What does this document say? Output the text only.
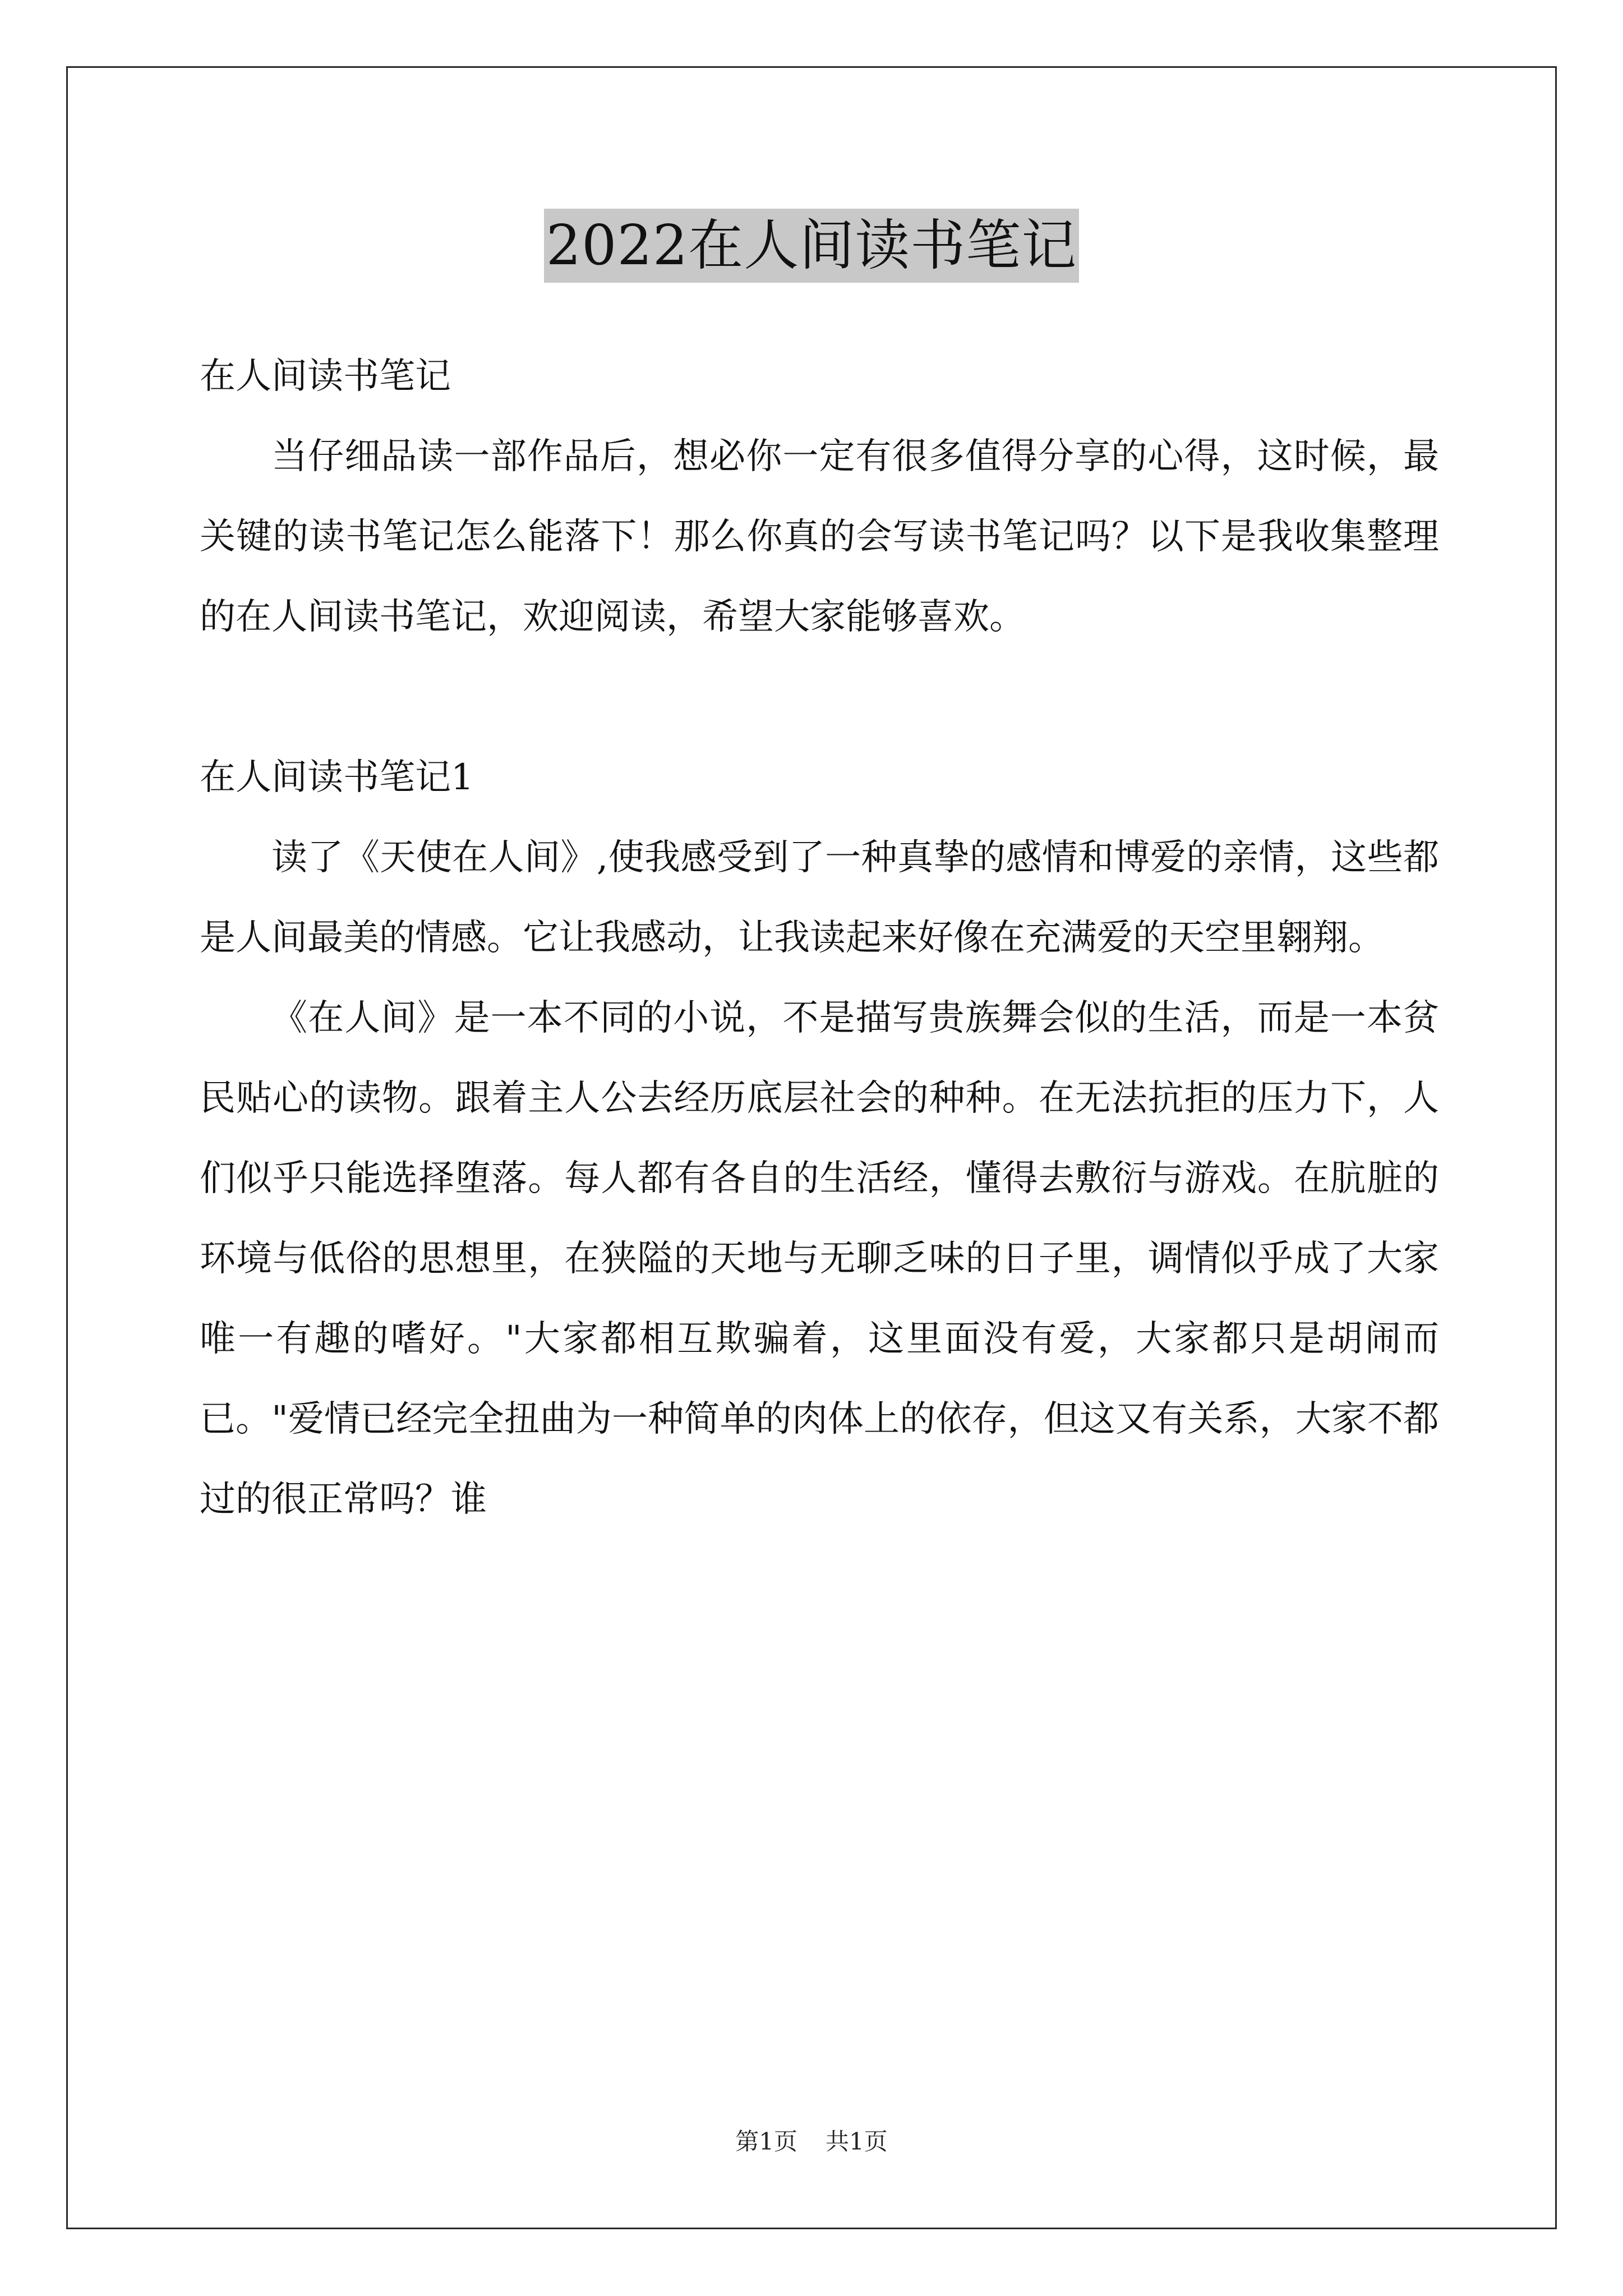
2022在人间读书笔记

在人间读书笔记

当仔细品读一部作品后，想必你一定有很多值得分享的心得，这时候，最关键的读书笔记怎么能落下！那么你真的会写读书笔记吗？以下是我收集整理的在人间读书笔记，欢迎阅读，希望大家能够喜欢。

在人间读书笔记1

读了《天使在人间》,使我感受到了一种真挚的感情和博爱的亲情，这些都是人间最美的情感。它让我感动，让我读起来好像在充满爱的天空里翱翔。

《在人间》是一本不同的小说，不是描写贵族舞会似的生活，而是一本贫民贴心的读物。跟着主人公去经历底层社会的种种。在无法抗拒的压力下，人们似乎只能选择堕落。每人都有各自的生活经，懂得去敷衍与游戏。在肮脏的环境与低俗的思想里，在狭隘的天地与无聊乏味的日子里，调情似乎成了大家唯一有趣的嗜好。"大家都相互欺骗着，这里面没有爱，大家都只是胡闹而已。"爱情已经完全扭曲为一种简单的肉体上的依存，但这又有关系，大家不都过的很正常吗？谁

第1页 共1页
